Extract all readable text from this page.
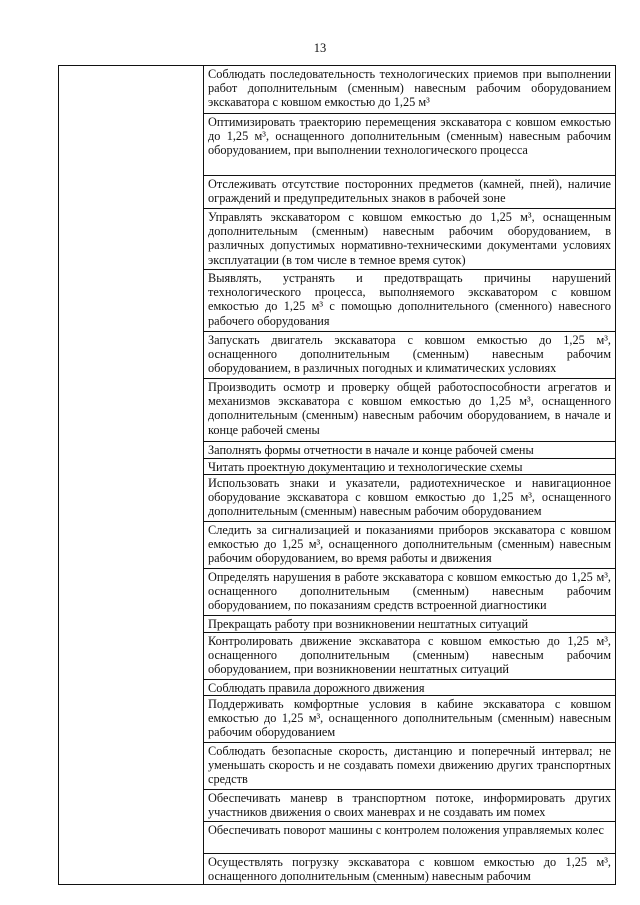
13

Соблюдать последовательность технологических приемов при выполнении работ дополнительным (сменным) навесным рабочим оборудованием экскаватора с ковшом емкостью до 1,25 м³
Оптимизировать траекторию перемещения экскаватора с ковшом емкостью до 1,25 м³, оснащенного дополнительным (сменным) навесным рабочим оборудованием, при выполнении технологического процесса
Отслеживать отсутствие посторонних предметов (камней, пней), наличие ограждений и предупредительных знаков в рабочей зоне
Управлять экскаватором с ковшом емкостью до 1,25 м³, оснащенным дополнительным (сменным) навесным рабочим оборудованием, в различных допустимых нормативно-техническими документами условиях эксплуатации (в том числе в темное время суток)
Выявлять, устранять и предотвращать причины нарушений технологического процесса, выполняемого экскаватором с ковшом емкостью до 1,25 м³ с помощью дополнительного (сменного) навесного рабочего оборудования
Запускать двигатель экскаватора с ковшом емкостью до 1,25 м³, оснащенного дополнительным (сменным) навесным рабочим оборудованием, в различных погодных и климатических условиях
Производить осмотр и проверку общей работоспособности агрегатов и механизмов экскаватора с ковшом емкостью до 1,25 м³, оснащенного дополнительным (сменным) навесным рабочим оборудованием, в начале и конце рабочей смены
Заполнять формы отчетности в начале и конце рабочей смены
Читать проектную документацию и технологические схемы
Использовать знаки и указатели, радиотехническое и навигационное оборудование экскаватора с ковшом емкостью до 1,25 м³, оснащенного дополнительным (сменным) навесным рабочим оборудованием
Следить за сигнализацией и показаниями приборов экскаватора с ковшом емкостью до 1,25 м³, оснащенного дополнительным (сменным) навесным рабочим оборудованием, во время работы и движения
Определять нарушения в работе экскаватора с ковшом емкостью до 1,25 м³, оснащенного дополнительным (сменным) навесным рабочим оборудованием, по показаниям средств встроенной диагностики
Прекращать работу при возникновении нештатных ситуаций
Контролировать движение экскаватора с ковшом емкостью до 1,25 м³, оснащенного дополнительным (сменным) навесным рабочим оборудованием, при возникновении нештатных ситуаций
Соблюдать правила дорожного движения
Поддерживать комфортные условия в кабине экскаватора с ковшом емкостью до 1,25 м³, оснащенного дополнительным (сменным) навесным рабочим оборудованием
Соблюдать безопасные скорость, дистанцию и поперечный интервал; не уменьшать скорость и не создавать помехи движению других транспортных средств
Обеспечивать маневр в транспортном потоке, информировать других участников движения о своих маневрах и не создавать им помех
Обеспечивать поворот машины с контролем положения управляемых колес
Осуществлять погрузку экскаватора с ковшом емкостью до 1,25 м³, оснащенного дополнительным (сменным) навесным рабочим
